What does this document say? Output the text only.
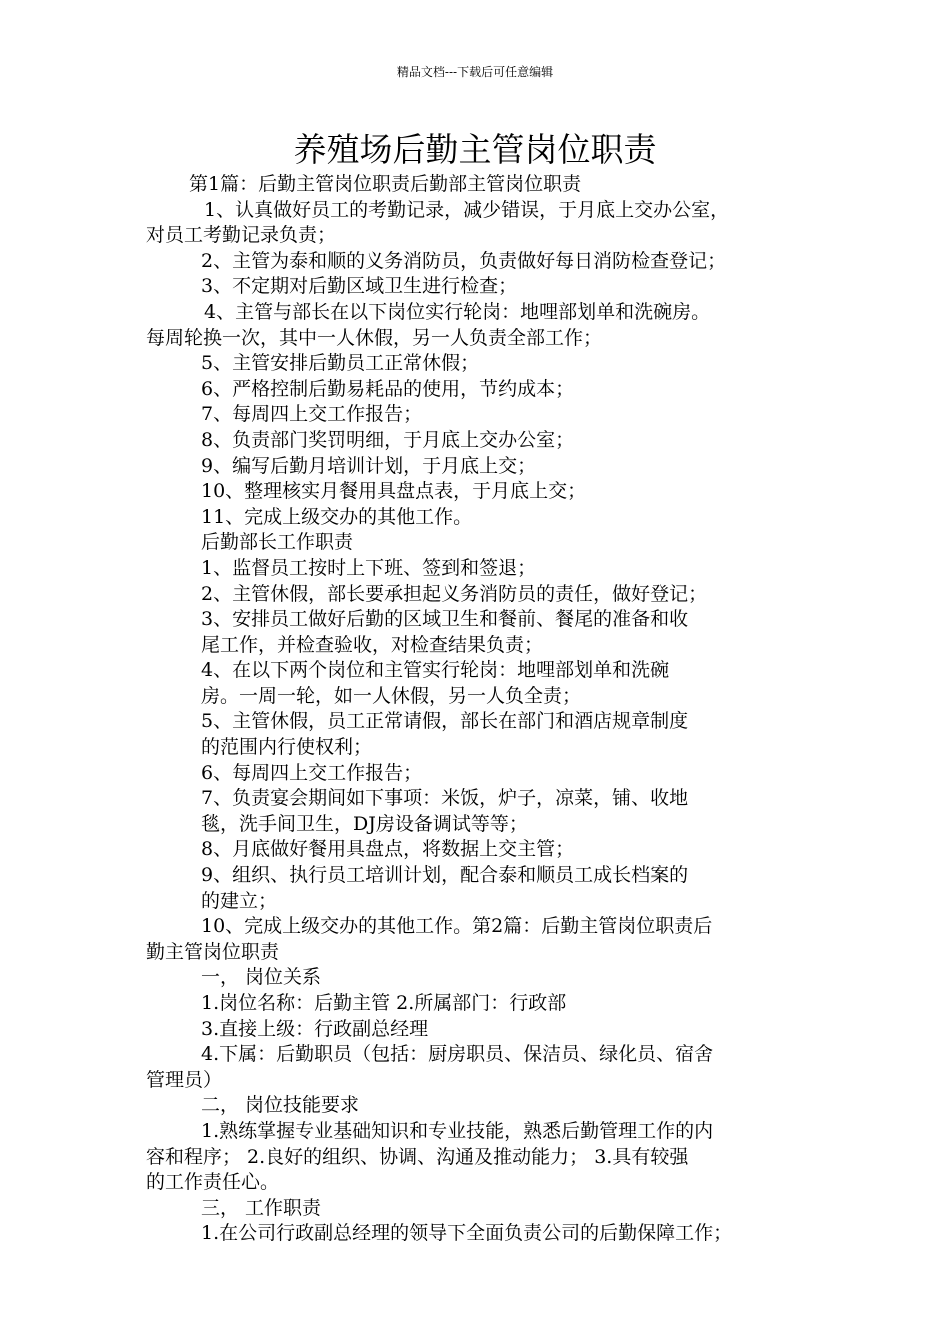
精品文档---下载后可任意编辑
养殖场后勤主管岗位职责
第1篇：后勤主管岗位职责后勤部主管岗位职责
1、认真做好员工的考勤记录，减少错误，于月底上交办公室，
对员工考勤记录负责；
2、主管为泰和顺的义务消防员，负责做好每日消防检查登记；
3、不定期对后勤区域卫生进行检查；
4、主管与部长在以下岗位实行轮岗：地哩部划单和洗碗房。
每周轮换一次，其中一人休假，另一人负责全部工作；
5、主管安排后勤员工正常休假；
6、严格控制后勤易耗品的使用，节约成本；
7、每周四上交工作报告；
8、负责部门奖罚明细，于月底上交办公室；
9、编写后勤月培训计划，于月底上交；
10、整理核实月餐用具盘点表，于月底上交；
11、完成上级交办的其他工作。
后勤部长工作职责
1、监督员工按时上下班、签到和签退；
2、主管休假，部长要承担起义务消防员的责任，做好登记；
3、安排员工做好后勤的区域卫生和餐前、餐尾的准备和收
尾工作，并检查验收，对检查结果负责；
4、在以下两个岗位和主管实行轮岗：地哩部划单和洗碗
房。一周一轮，如一人休假，另一人负全责；
5、主管休假，员工正常请假，部长在部门和酒店规章制度
的范围内行使权利；
6、每周四上交工作报告；
7、负责宴会期间如下事项：米饭，炉子，凉菜，铺、收地
毯，洗手间卫生，DJ房设备调试等等；
8、月底做好餐用具盘点，将数据上交主管；
9、组织、执行员工培训计划，配合泰和顺员工成长档案的
的建立；
10、完成上级交办的其他工作。第2篇：后勤主管岗位职责后
勤主管岗位职责
一， 岗位关系
1.岗位名称：后勤主管 2.所属部门：行政部
3.直接上级：行政副总经理
4.下属：后勤职员（包括：厨房职员、保洁员、绿化员、宿舍
管理员）
二， 岗位技能要求
1.熟练掌握专业基础知识和专业技能，熟悉后勤管理工作的内
容和程序； 2.良好的组织、协调、沟通及推动能力； 3.具有较强
的工作责任心。
三， 工作职责
1.在公司行政副总经理的领导下全面负责公司的后勤保障工作；
